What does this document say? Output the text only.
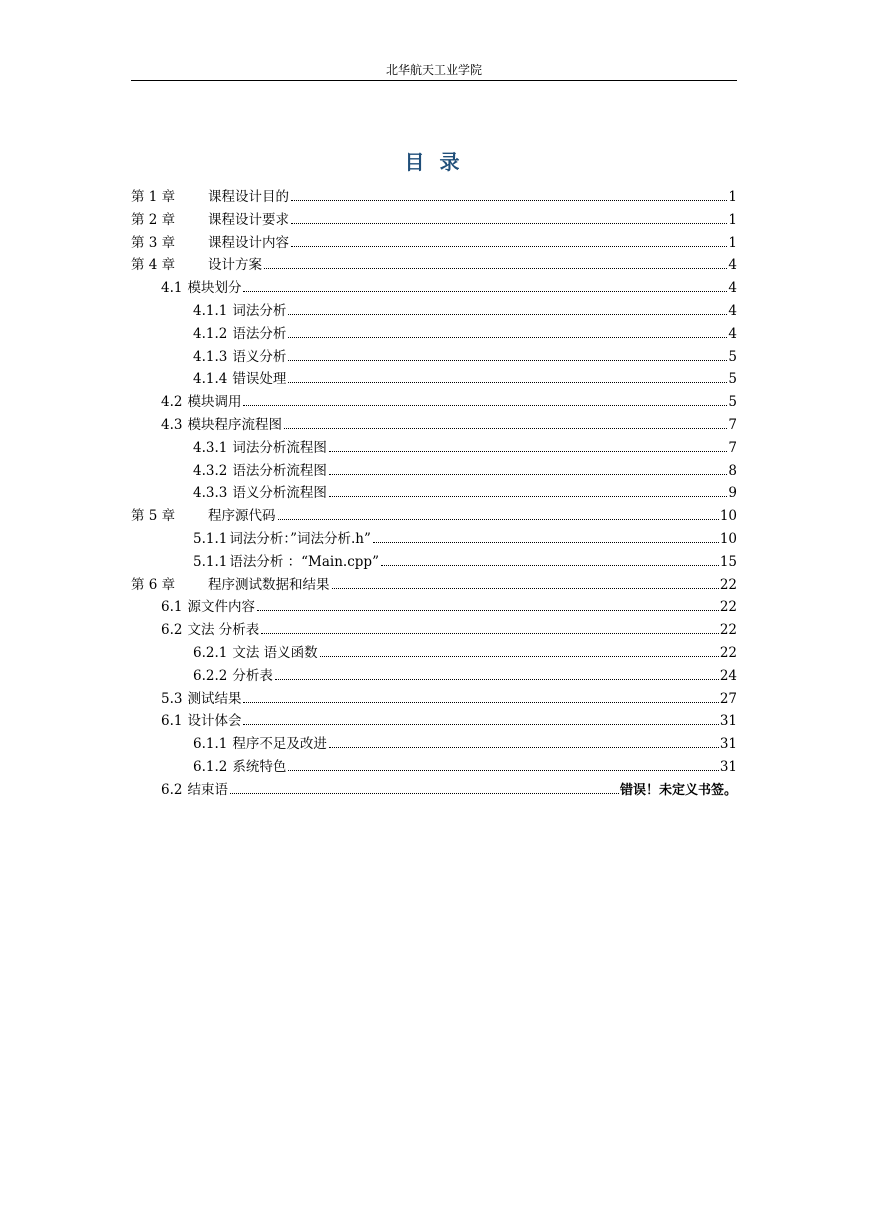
北华航天工业学院
目 录
第 1 章	课程设计目的	1
第 2 章	课程设计要求	1
第 3 章	课程设计内容	1
第 4 章	设计方案	4
4.1 模块划分	4
4.1.1 词法分析	4
4.1.2 语法分析	4
4.1.3 语义分析	5
4.1.4 错误处理	5
4.2 模块调用	5
4.3 模块程序流程图	7
4.3.1 词法分析流程图	7
4.3.2 语法分析流程图	8
4.3.3 语义分析流程图	9
第 5 章	程序源代码	10
5.1.1 词法分析：”词法分析.h”	10
5.1.1 语法分析 ：“Main.cpp”	15
第 6 章	程序测试数据和结果	22
6.1 源文件内容	22
6.2 文法 分析表	22
6.2.1 文法 语义函数	22
6.2.2 分析表	24
5.3 测试结果	27
6.1 设计体会	31
6.1.1 程序不足及改进	31
6.1.2 系统特色	31
6.2 结束语	错误！未定义书签。
